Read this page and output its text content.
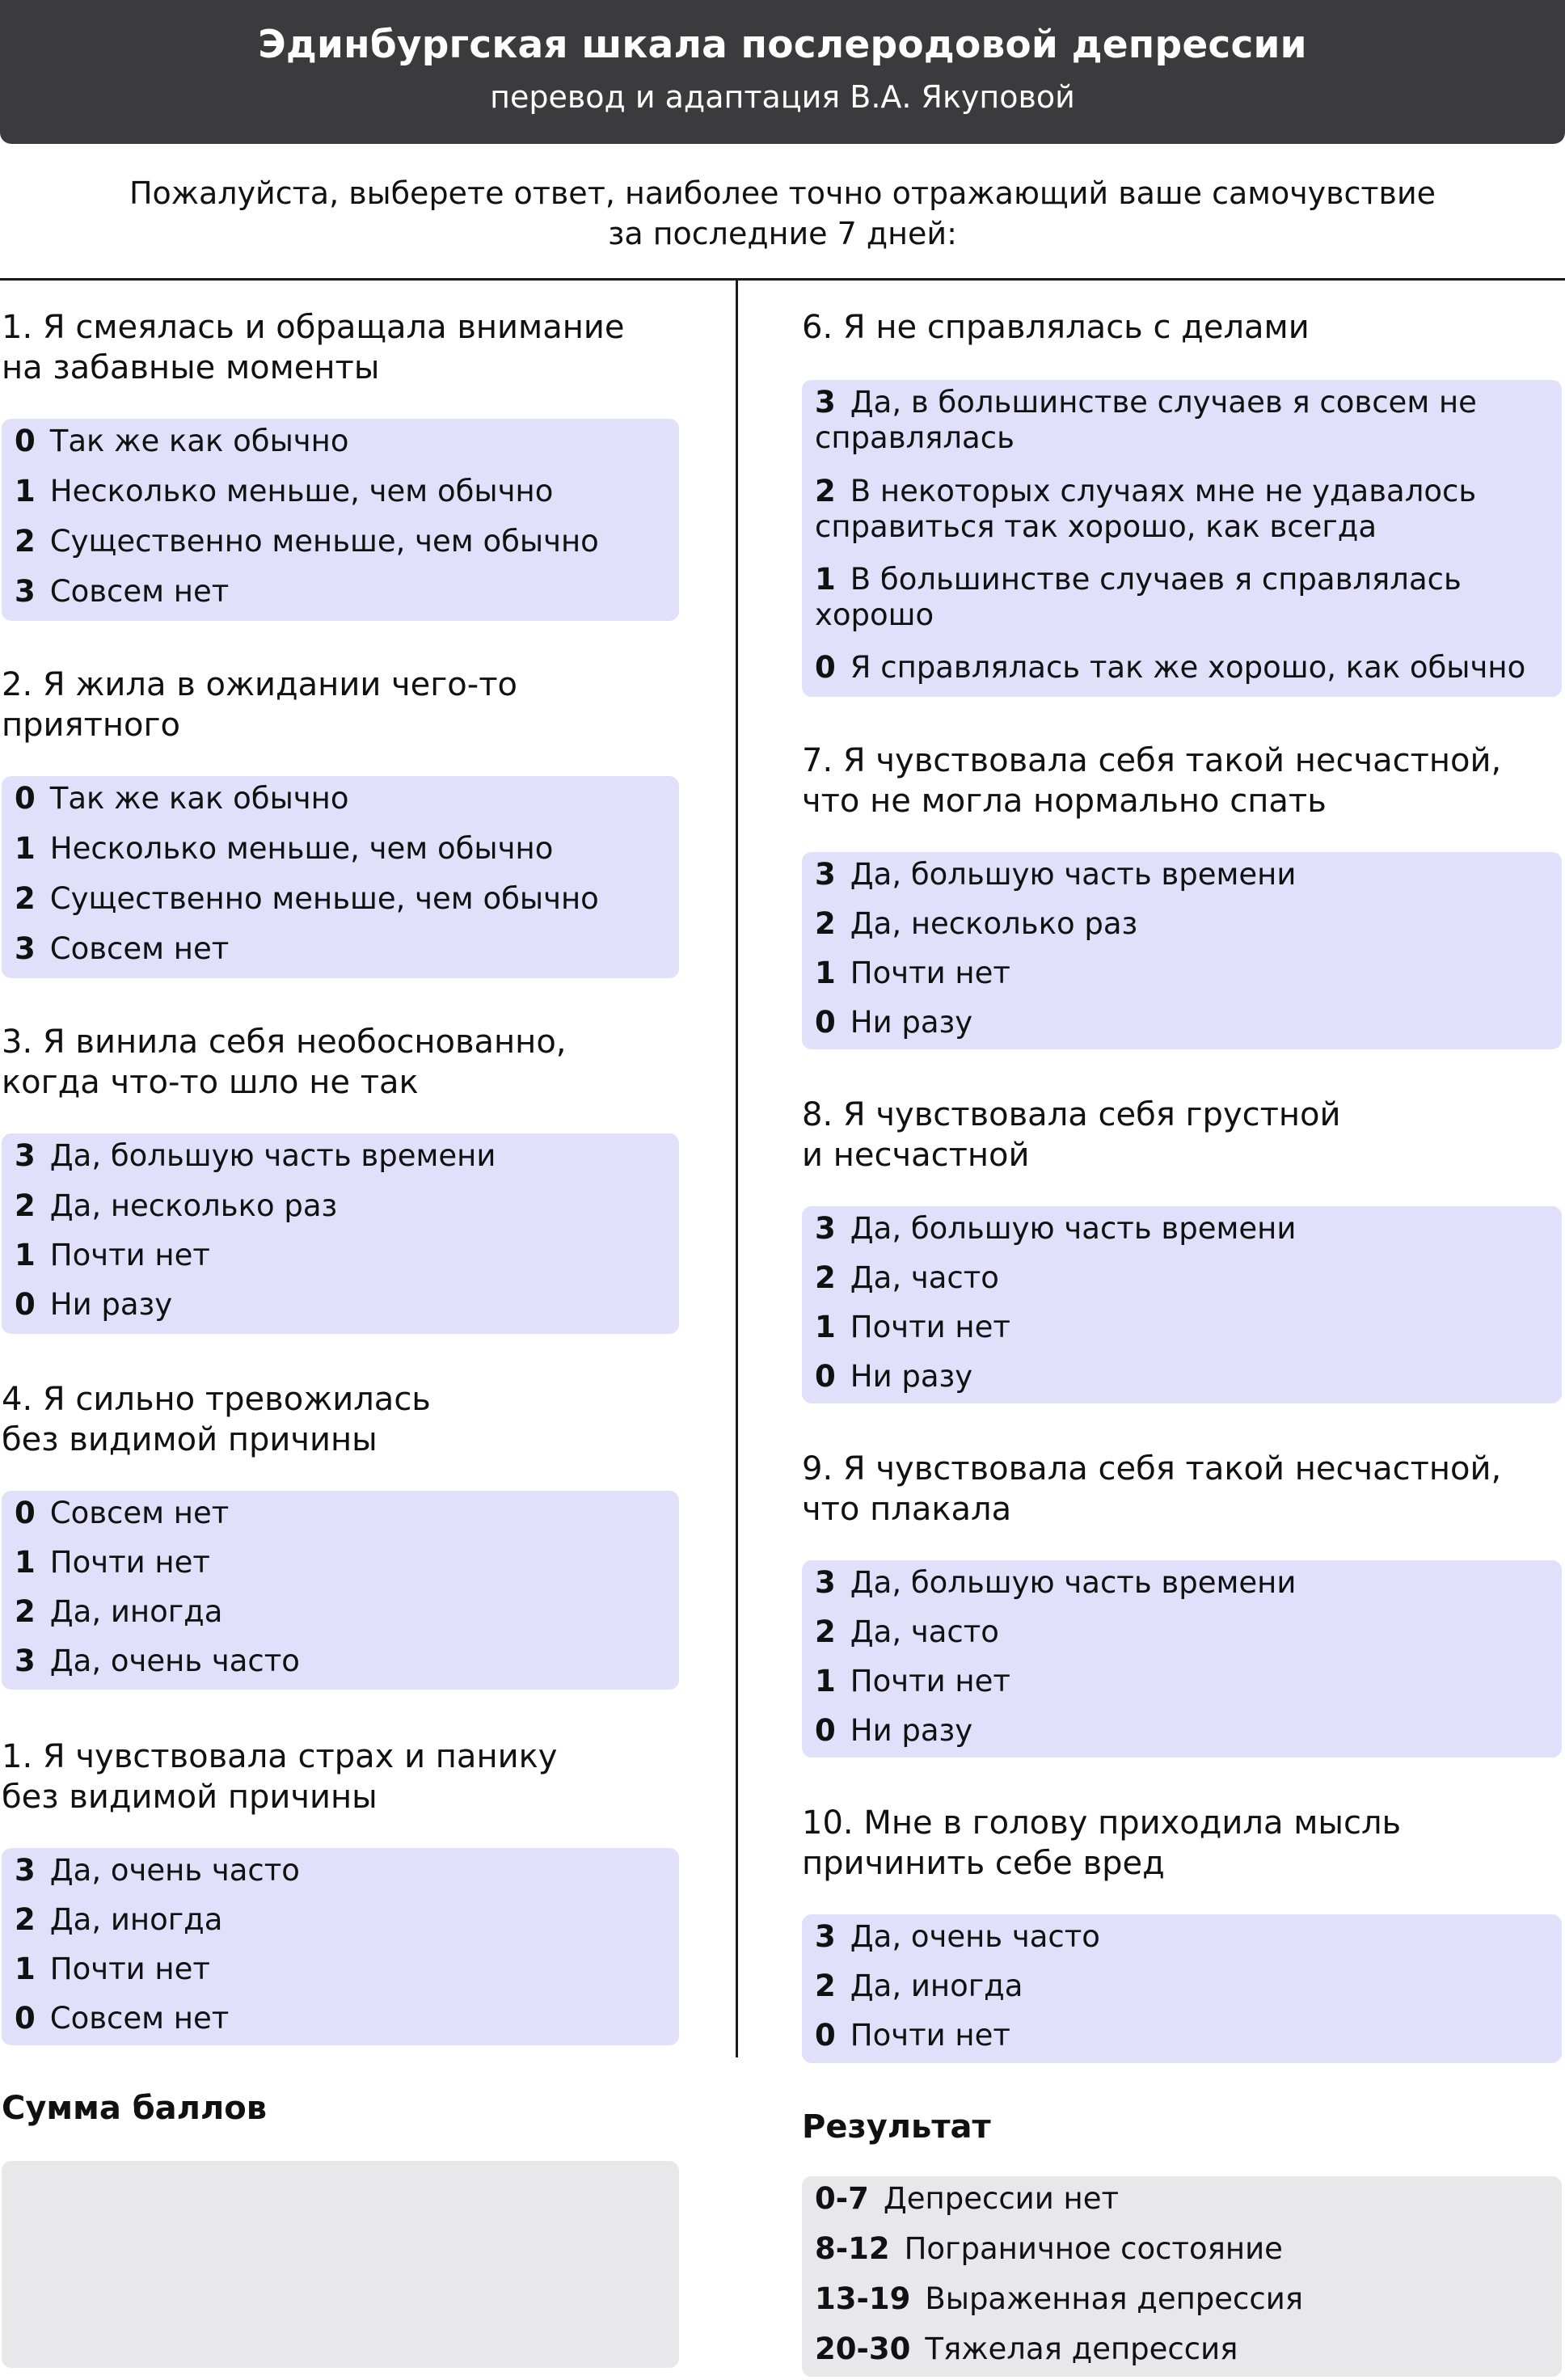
Эдинбургская шкала послеродовой депрессии
перевод и адаптация В.А. Якуповой
Пожалуйста, выберете ответ, наиболее точно отражающий ваше самочувствие
за последние 7 дней:
1. Я смеялась и обращала внимание
на забавные моменты
0 Так же как обычно
1 Несколько меньше, чем обычно
2 Существенно меньше, чем обычно
3 Совсем нет
2. Я жила в ожидании чего-то
приятного
0 Так же как обычно
1 Несколько меньше, чем обычно
2 Существенно меньше, чем обычно
3 Совсем нет
3. Я винила себя необоснованно,
когда что-то шло не так
3 Да, большую часть времени
2 Да, несколько раз
1 Почти нет
0 Ни разу
4. Я сильно тревожилась
без видимой причины
0 Совсем нет
1 Почти нет
2 Да, иногда
3 Да, очень часто
1. Я чувствовала страх и панику
без видимой причины
3 Да, очень часто
2 Да, иногда
1 Почти нет
0 Совсем нет
Сумма баллов
6. Я не справлялась с делами
3 Да, в большинстве случаев я совсем не справлялась
2 В некоторых случаях мне не удавалось справиться так хорошо, как всегда
1 В большинстве случаев я справлялась хорошо
0 Я справлялась так же хорошо, как обычно
7. Я чувствовала себя такой несчастной,
что не могла нормально спать
3 Да, большую часть времени
2 Да, несколько раз
1 Почти нет
0 Ни разу
8. Я чувствовала себя грустной
и несчастной
3 Да, большую часть времени
2 Да, часто
1 Почти нет
0 Ни разу
9. Я чувствовала себя такой несчастной,
что плакала
3 Да, большую часть времени
2 Да, часто
1 Почти нет
0 Ни разу
10. Мне в голову приходила мысль
причинить себе вред
3 Да, очень часто
2 Да, иногда
0 Почти нет
Результат
0-7 Депрессии нет
8-12 Пограничное состояние
13-19 Выраженная депрессия
20-30 Тяжелая депрессия
